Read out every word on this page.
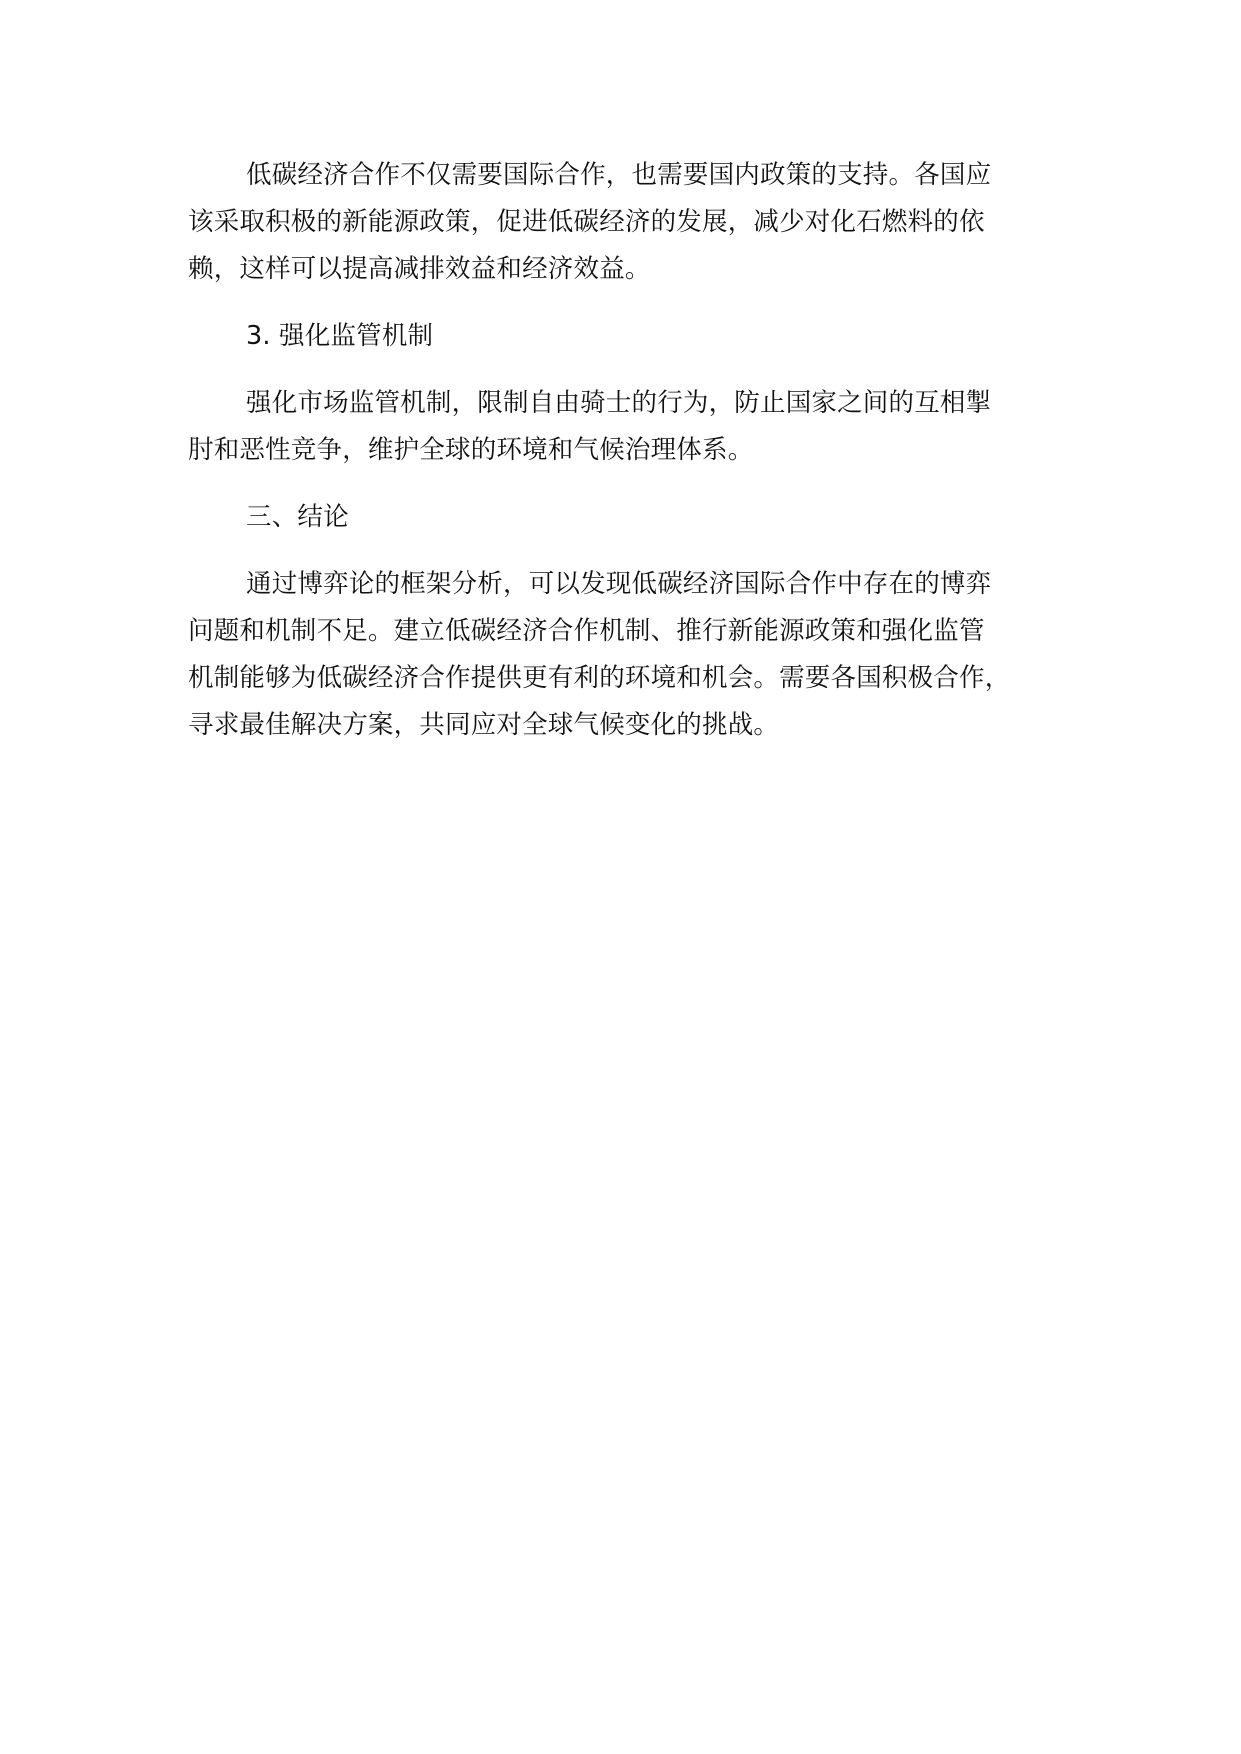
低碳经济合作不仅需要国际合作，也需要国内政策的支持。各国应

该采取积极的新能源政策，促进低碳经济的发展，减少对化石燃料的依

赖，这样可以提高减排效益和经济效益。

3. 强化监管机制

强化市场监管机制，限制自由骑士的行为，防止国家之间的互相掣

肘和恶性竞争，维护全球的环境和气候治理体系。

三、结论

通过博弈论的框架分析，可以发现低碳经济国际合作中存在的博弈

问题和机制不足。建立低碳经济合作机制、推行新能源政策和强化监管

机制能够为低碳经济合作提供更有利的环境和机会。需要各国积极合作，

寻求最佳解决方案，共同应对全球气候变化的挑战。
